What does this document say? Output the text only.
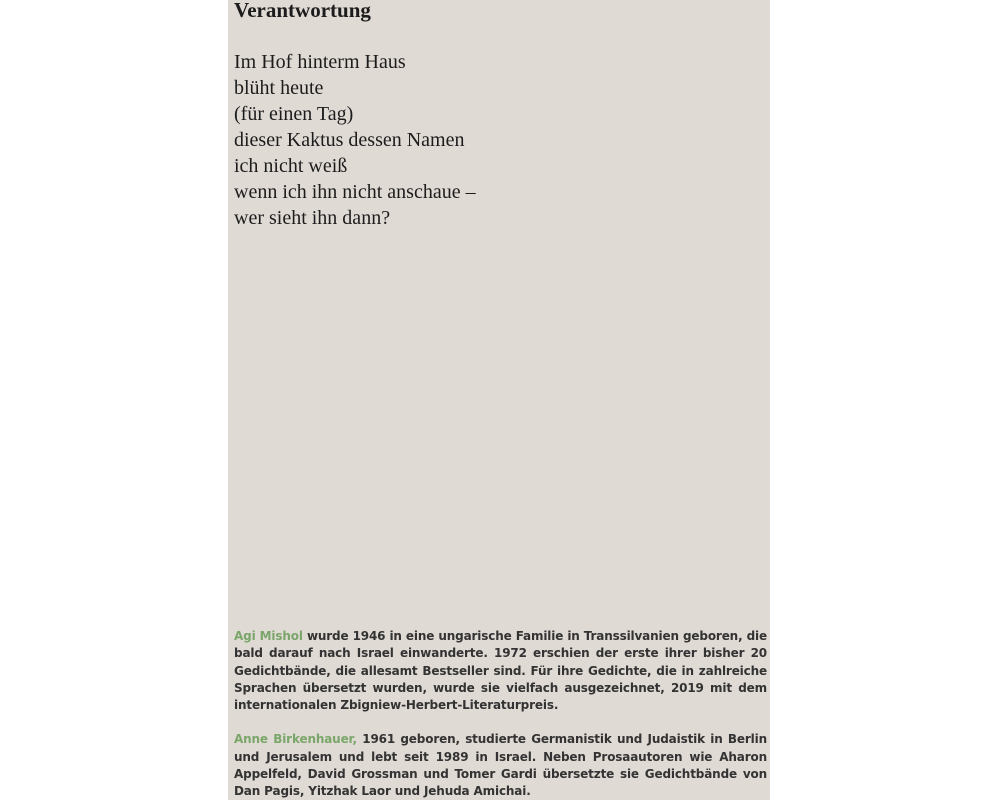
Verantwortung
Im Hof hinterm Haus
blüht heute
(für einen Tag)
dieser Kaktus dessen Namen
ich nicht weiß
wenn ich ihn nicht anschaue –
wer sieht ihn dann?

Agi Mishol wurde 1946 in eine ungarische Familie in Transsilvanien geboren, die bald darauf nach Israel einwanderte. 1972 erschien der erste ihrer bisher 20 Gedichtbände, die allesamt Bestseller sind. Für ihre Gedichte, die in zahlreiche Sprachen übersetzt wurden, wurde sie vielfach ausgezeichnet, 2019 mit dem internationalen Zbigniew-Herbert-Literaturpreis.

Anne Birkenhauer, 1961 geboren, studierte Germanistik und Judaistik in Berlin und Jerusalem und lebt seit 1989 in Israel. Neben Prosaautoren wie Aharon Appelfeld, David Grossman und Tomer Gardi übersetzte sie Gedichtbände von Dan Pagis, Yitzhak Laor und Jehuda Amichai.
